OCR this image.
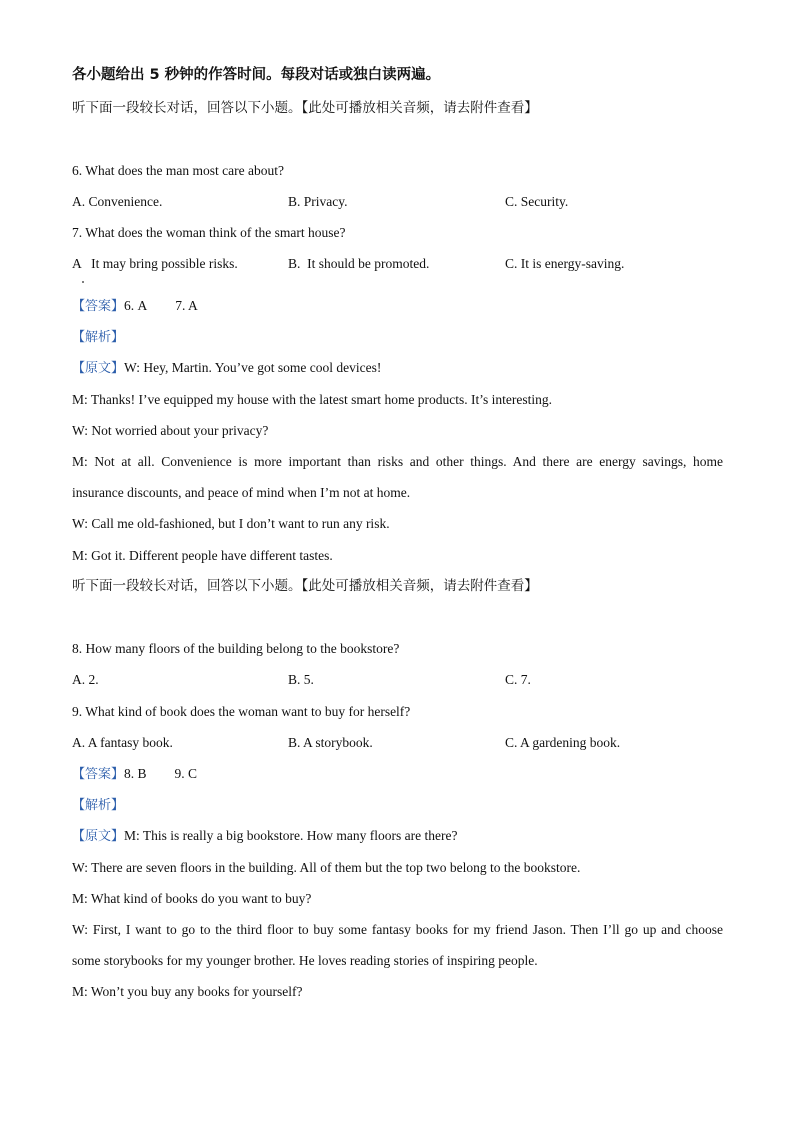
各小题给出 5 秒钟的作答时间。每段对话或独白读两遍。
听下面一段较长对话，回答以下小题。【此处可播放相关音频，请去附件查看】
6. What does the man most care about?
A. Convenience.	B. Privacy.	C. Security.
7. What does the woman think of the smart house?
A   It may bring possible risks.	B.  It should be promoted.	C. It is energy-saving.
【答案】6. A 7. A
【解析】
【原文】W: Hey, Martin. You’ve got some cool devices!
M: Thanks! I’ve equipped my house with the latest smart home products. It’s interesting.
W: Not worried about your privacy?
M: Not at all. Convenience is more important than risks and other things. And there are energy savings, home
insurance discounts, and peace of mind when I’m not at home.
W: Call me old-fashioned, but I don’t want to run any risk.
M: Got it. Different people have different tastes.
听下面一段较长对话，回答以下小题。【此处可播放相关音频，请去附件查看】
8. How many floors of the building belong to the bookstore?
A. 2.	B. 5.	C. 7.
9. What kind of book does the woman want to buy for herself?
A. A fantasy book.	B. A storybook.	C. A gardening book.
【答案】8. B 9. C
【解析】
【原文】M: This is really a big bookstore. How many floors are there?
W: There are seven floors in the building. All of them but the top two belong to the bookstore.
M: What kind of books do you want to buy?
W: First, I want to go to the third floor to buy some fantasy books for my friend Jason. Then I’ll go up and choose
some storybooks for my younger brother. He loves reading stories of inspiring people.
M: Won’t you buy any books for yourself?
